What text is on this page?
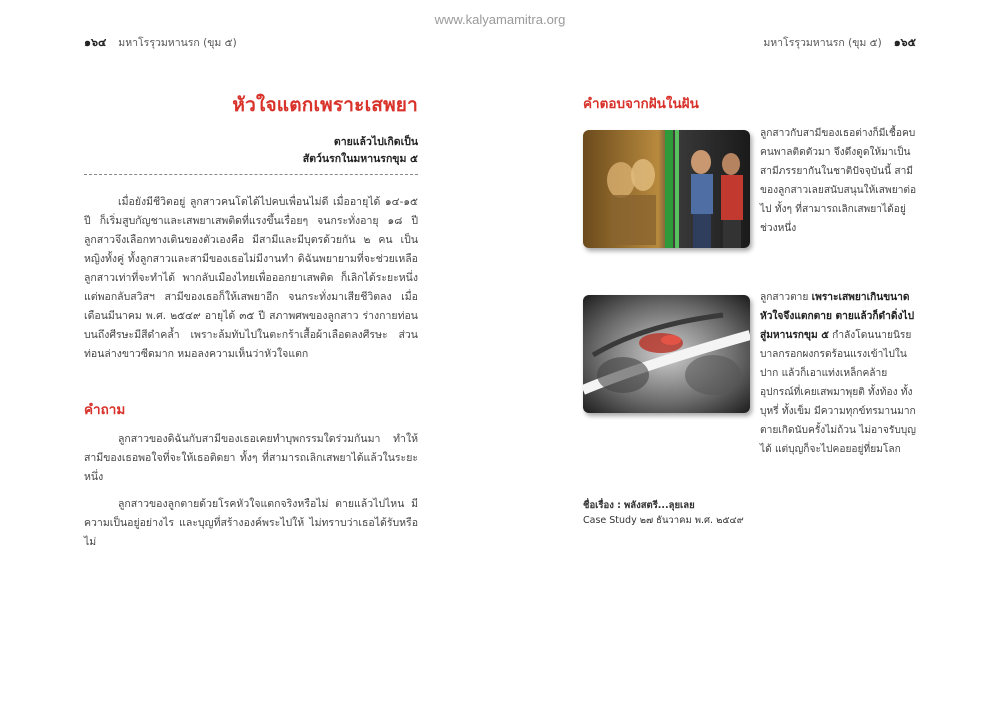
www.kalyamamitra.org
๑๖๔ มหาโรรุวมหานรก (ขุม ๕)	มหาโรรุวมหานรก (ขุม ๕) ๑๖๕
หัวใจแตกเพราะเสพยา
ตายแล้วไปเกิดเป็น
สัตว์นรกในมหานรกขุม ๕

เมื่อยังมีชีวิตอยู่ ลูกสาวคนโตได้ไปคบเพื่อนไม่ดี เมื่ออายุได้ ๑๔-๑๕ ปี ก็เริ่มสูบกัญชาและเสพยาเสพติดที่แรงขึ้นเรื่อยๆ จนกระทั่งอายุ ๑๘ ปี ลูกสาวจึงเลือกทางเดินของตัวเองคือ มีสามีและมีบุตรด้วยกัน ๒ คน เป็นหญิงทั้งคู่ ทั้งลูกสาวและสามีของเธอไม่มีงานทำ ดิฉันพยายามที่จะช่วยเหลือลูกสาวเท่าที่จะทำได้ พากลับเมืองไทยเพื่อออกยาเสพติด ก็เลิกได้ระยะหนึ่ง แต่พอกลับสวิสฯ สามีของเธอก็ให้เสพยาอีก จนกระทั่งมาเสียชีวิตลง เมื่อเดือนมีนาคม พ.ศ. ๒๕๔๙ อายุได้ ๓๕ ปี สภาพศพของลูกสาว ร่างกายท่อนบนถึงศีรษะมีสีดำคล้ำ เพราะล้มทับไปในตะกร้าเสื้อผ้าเลือดลงศีรษะ ส่วนท่อนล่างขาวซีดมาก หมอลงความเห็นว่าหัวใจแตก

คำถาม

ลูกสาวของดิฉันกับสามีของเธอเคยทำบุพกรรมใดร่วมกันมา ทำให้สามีของเธอพอใจที่จะให้เธอติดยา ทั้งๆ ที่สามารถเลิกเสพยาได้แล้วในระยะหนึ่ง

ลูกสาวของลูกตายด้วยโรคหัวใจแตกจริงหรือไม่ ตายแล้วไปไหน มีความเป็นอยู่อย่างไร และบุญที่สร้างองค์พระไปให้ ไม่ทราบว่าเธอได้รับหรือไม่

คำตอบจากฝันในฝัน
ลูกสาวกับสามีของเธอต่างก็มีเชื้อคบคนพาลติดตัวมา จึงดึงดูดให้มาเป็นสามีภรรยากันในชาติปัจจุบันนี้ สามีของลูกสาวเลยสนับสนุนให้เสพยาต่อไป ทั้งๆ ที่สามารถเลิกเสพยาได้อยู่ช่วงหนึ่ง
ลูกสาวตาย เพราะเสพยาเกินขนาด หัวใจจึงแตกตาย ตายแล้วก็ดำดิ่งไปสู่มหานรกขุม ๕ กำลังโดนนายนิรยบาลกรอกผงกรดร้อนแรงเข้าไปในปาก แล้วก็เอาแท่งเหล็กคล้ายอุปกรณ์ที่เคยเสพมาพุยติ ทั้งท้อง ทั้งบุหรี่ ทั้งเข็ม มีความทุกข์ทรมานมาก ตายเกิดนับครั้งไม่ถ้วน ไม่อาจรับบุญได้ แต่บุญก็จะไปคอยอยู่ที่ยมโลก
ชื่อเรื่อง : พลังสตรี...ลุยเลย
Case Study ๒๗ ธันวาคม พ.ศ. ๒๕๔๙
